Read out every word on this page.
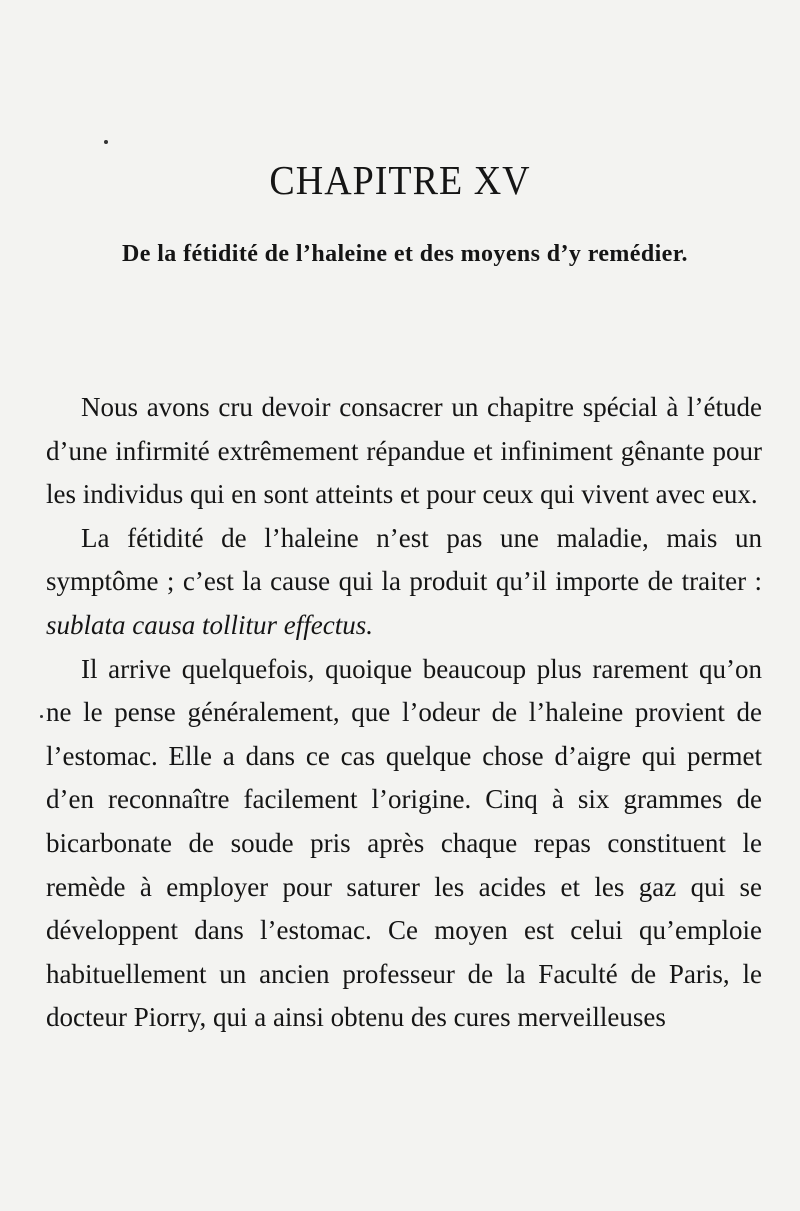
CHAPITRE XV
De la fétidité de l’haleine et des moyens d’y remédier.

Nous avons cru devoir consacrer un chapitre spécial à l’étude d’une infirmité extrêmement répandue et infiniment gênante pour les individus qui en sont atteints et pour ceux qui vivent avec eux.

La fétidité de l’haleine n’est pas une maladie, mais un symptôme ; c’est la cause qui la produit qu’il importe de traiter : sublata causa tollitur effectus.

Il arrive quelquefois, quoique beaucoup plus rarement qu’on ne le pense généralement, que l’odeur de l’haleine provient de l’estomac. Elle a dans ce cas quelque chose d’aigre qui permet d’en reconnaître facilement l’origine. Cinq à six grammes de bicarbonate de soude pris après chaque repas constituent le remède à employer pour saturer les acides et les gaz qui se développent dans l’estomac. Ce moyen est celui qu’emploie habituellement un ancien professeur de la Faculté de Paris, le docteur Piorry, qui a ainsi obtenu des cures merveilleuses
